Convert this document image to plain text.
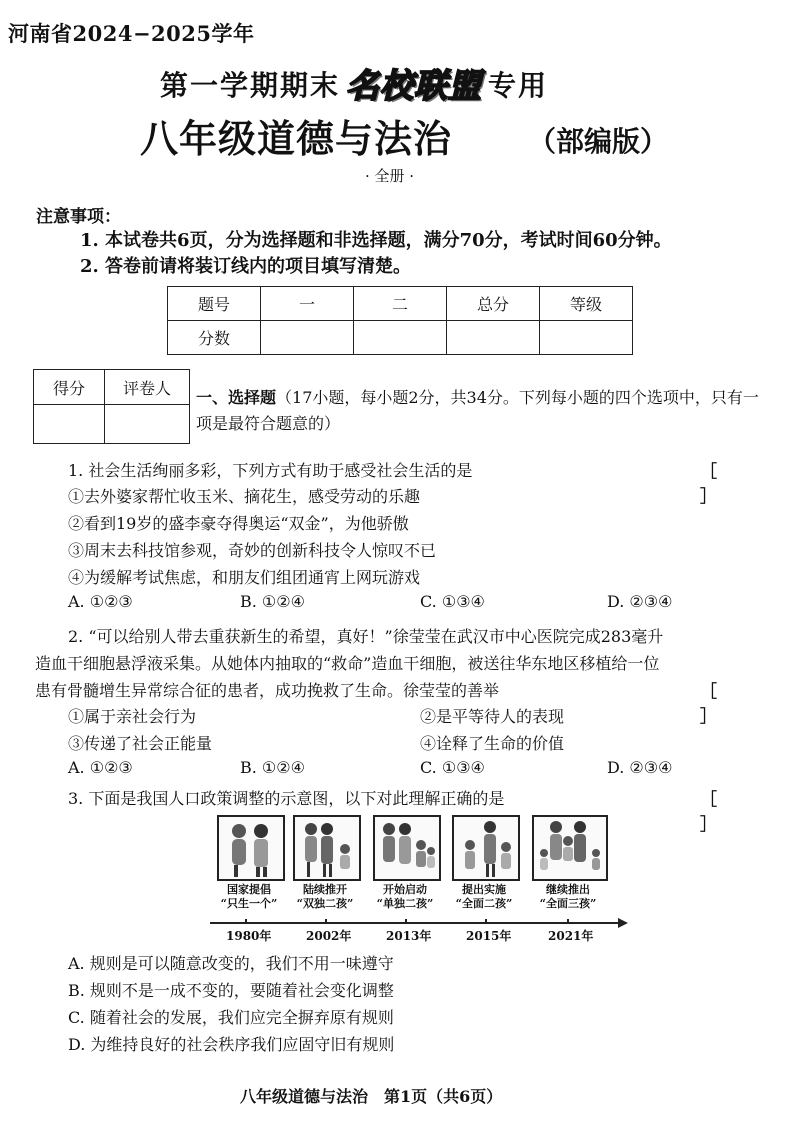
河南省2024−2025学年
第一学期期末 名校联盟 专用
八年级道德与法治	（部编版）
· 全册 ·
注意事项：
1. 本试卷共6页，分为选择题和非选择题，满分70分，考试时间60分钟。
2. 答卷前请将装订线内的项目填写清楚。
题号	一	二	总分	等级
分数				
得分	评卷人
	一、选择题（17小题，每小题2分，共34分。下列每小题的四个选项中，只有一项是最符合题意的）
1. 社会生活绚丽多彩，下列方式有助于感受社会生活的是	［ ］
①去外婆家帮忙收玉米、摘花生，感受劳动的乐趣
②看到19岁的盛李豪夺得奥运“双金”，为他骄傲
③周末去科技馆参观，奇妙的创新科技令人惊叹不已
④为缓解考试焦虑，和朋友们组团通宵上网玩游戏
A. ①②③	B. ①②④	C. ①③④	D. ②③④
2. “可以给别人带去重获新生的希望，真好！”徐莹莹在武汉市中心医院完成283毫升
造血干细胞悬浮液采集。从她体内抽取的“救命”造血干细胞，被送往华东地区移植给一位
患有骨髓增生异常综合征的患者，成功挽救了生命。徐莹莹的善举	［ ］
①属于亲社会行为	②是平等待人的表现
③传递了社会正能量	④诠释了生命的价值
A. ①②③	B. ①②④	C. ①③④	D. ②③④
3. 下面是我国人口政策调整的示意图，以下对此理解正确的是	［ ］
国家提倡
“只生一个”
陆续推开
“双独二孩”
开始启动
“单独二孩”
提出实施
“全面二孩”
继续推出
“全面三孩”
1980年	2002年	2013年	2015年	2021年
A. 规则是可以随意改变的，我们不用一味遵守
B. 规则不是一成不变的，要随着社会变化调整
C. 随着社会的发展，我们应完全摒弃原有规则
D. 为维持良好的社会秩序我们应固守旧有规则
八年级道德与法治　第1页（共6页）
